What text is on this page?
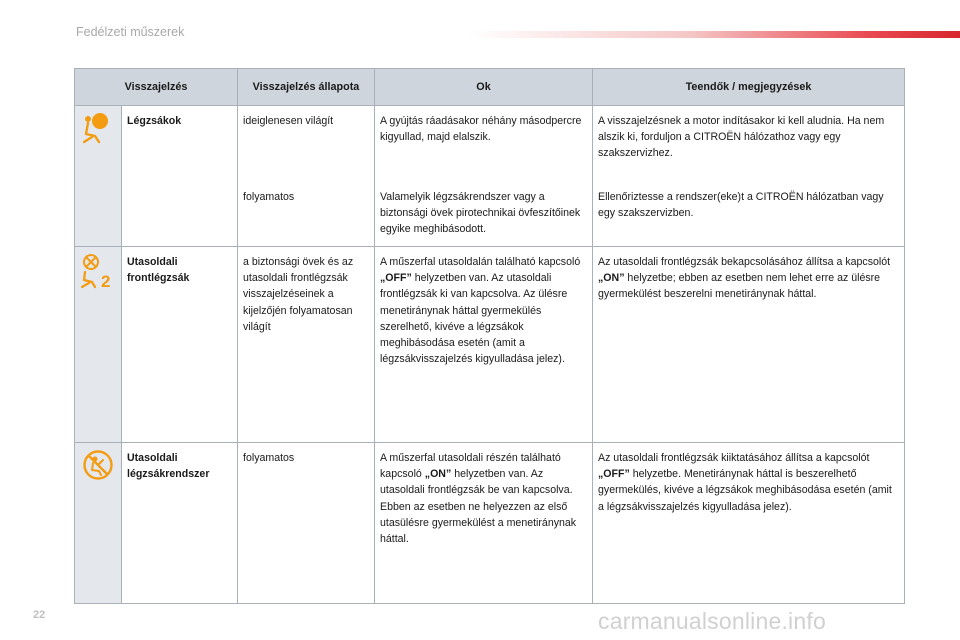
Fedélzeti műszerek
Visszajelzés		Visszajelzés állapota	Ok	Teendők / megjegyzések

	Légzsákok	ideiglenesen világít	A gyújtás ráadásakor néhány másodpercre kigyullad, majd elalszik.	A visszajelzésnek a motor indításakor ki kell aludnia. Ha nem alszik ki, forduljon a CITROËN hálózathoz vagy egy szakszervizhez.
		folyamatos	Valamelyik légzsákrendszer vagy a biztonsági övek pirotechnikai övfeszítőinek egyike meghibásodott.	Ellenőriztesse a rendszer(eke)t a CITROËN hálózatban vagy egy szakszervizben.

2	Utasoldali frontlégzsák	a biztonsági övek és az utasoldali frontlégzsák visszajelzéseinek a kijelzőjén folyamatosan világít	A műszerfal utasoldalán található kapcsoló „OFF” helyzetben van. Az utasoldali frontlégzsák ki van kapcsolva. Az ülésre menetiránynak háttal gyermekülés szerelhető, kivéve a légzsákok meghibásodása esetén (amit a légzsákvisszajelzés kigyulladása jelez).	Az utasoldali frontlégzsák bekapcsolásához állítsa a kapcsolót „ON” helyzetbe; ebben az esetben nem lehet erre az ülésre gyermekülést beszerelni menetiránynak háttal.

	Utasoldali légzsákrendszer	folyamatos	A műszerfal utasoldali részén található kapcsoló „ON” helyzetben van. Az utasoldali frontlégzsák be van kapcsolva. Ebben az esetben ne helyezzen az első utasülésre gyermekülést a menetiránynak háttal.	Az utasoldali frontlégzsák kiiktatásához állítsa a kapcsolót „OFF” helyzetbe. Menetiránynak háttal is beszerelhető gyermekülés, kivéve a légzsákok meghibásodása esetén (amit a légzsákvisszajelzés kigyulladása jelez).
22	carmanualsonline.info
